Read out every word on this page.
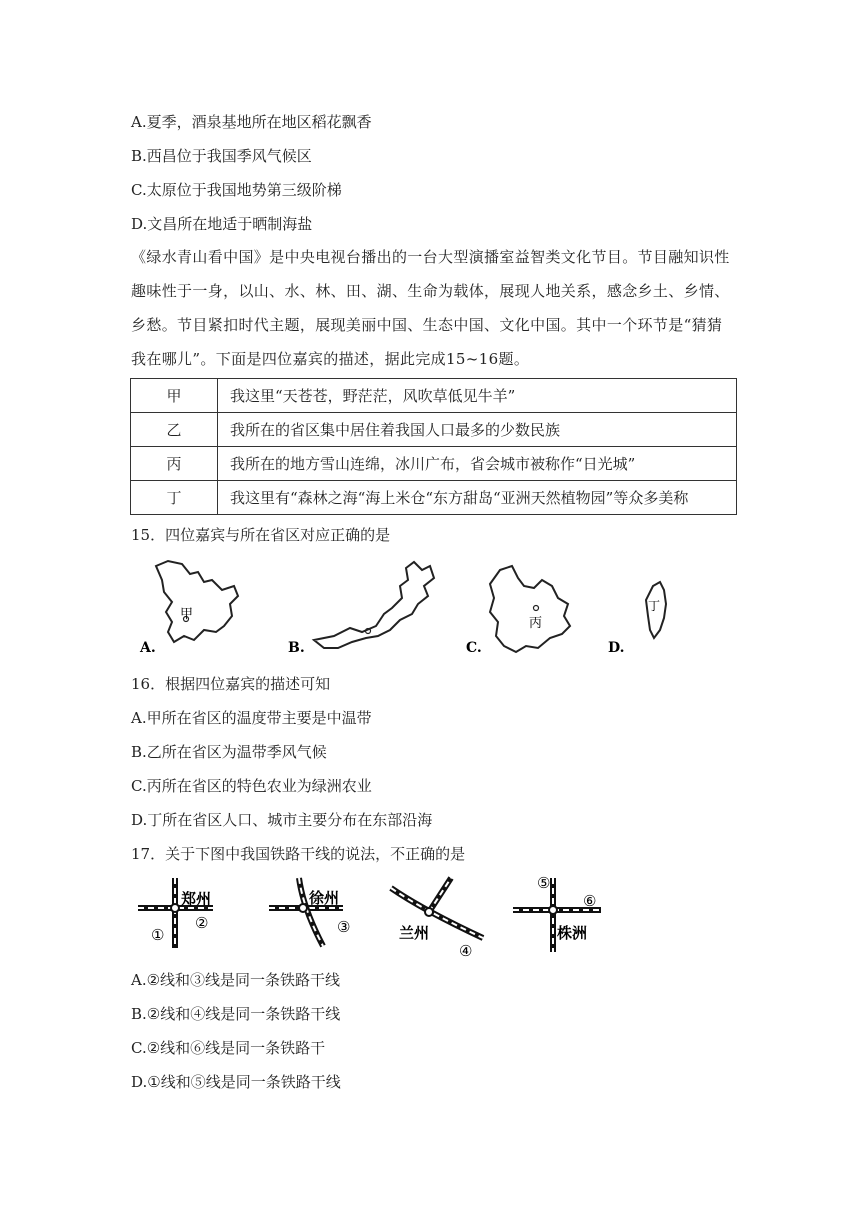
A.夏季，酒泉基地所在地区稻花飘香
B.西昌位于我国季风气候区
C.太原位于我国地势第三级阶梯
D.文昌所在地适于晒制海盐
《绿水青山看中国》是中央电视台播出的一台大型演播室益智类文化节目。节目融知识性趣味性于一身，以山、水、林、田、湖、生命为载体，展现人地关系，感念乡土、乡情、乡愁。节目紧扣时代主题，展现美丽中国、生态中国、文化中国。其中一个环节是“猜猜我在哪儿”。下面是四位嘉宾的描述，据此完成15~16题。
甲	我这里“天苍苍，野茫茫，风吹草低见牛羊”
乙	我所在的省区集中居住着我国人口最多的少数民族
丙	我所在的地方雪山连绵，冰川广布，省会城市被称作“日光城”
丁	我这里有“森林之海“海上米仓“东方甜岛“亚洲天然植物园”等众多美称
15．四位嘉宾与所在省区对应正确的是
甲
A.	B.
丙
C.
丁
D.
16．根据四位嘉宾的描述可知
A.甲所在省区的温度带主要是中温带
B.乙所在省区为温带季风气候
C.丙所在省区的特色农业为绿洲农业
D.丁所在省区人口、城市主要分布在东部沿海
17．关于下图中我国铁路干线的说法，不正确的是
郑州
①
②
徐州
③	兰州
④
⑤
⑥
株洲
A.②线和③线是同一条铁路干线
B.②线和④线是同一条铁路干线
C.②线和⑥线是同一条铁路干
D.①线和⑤线是同一条铁路干线
